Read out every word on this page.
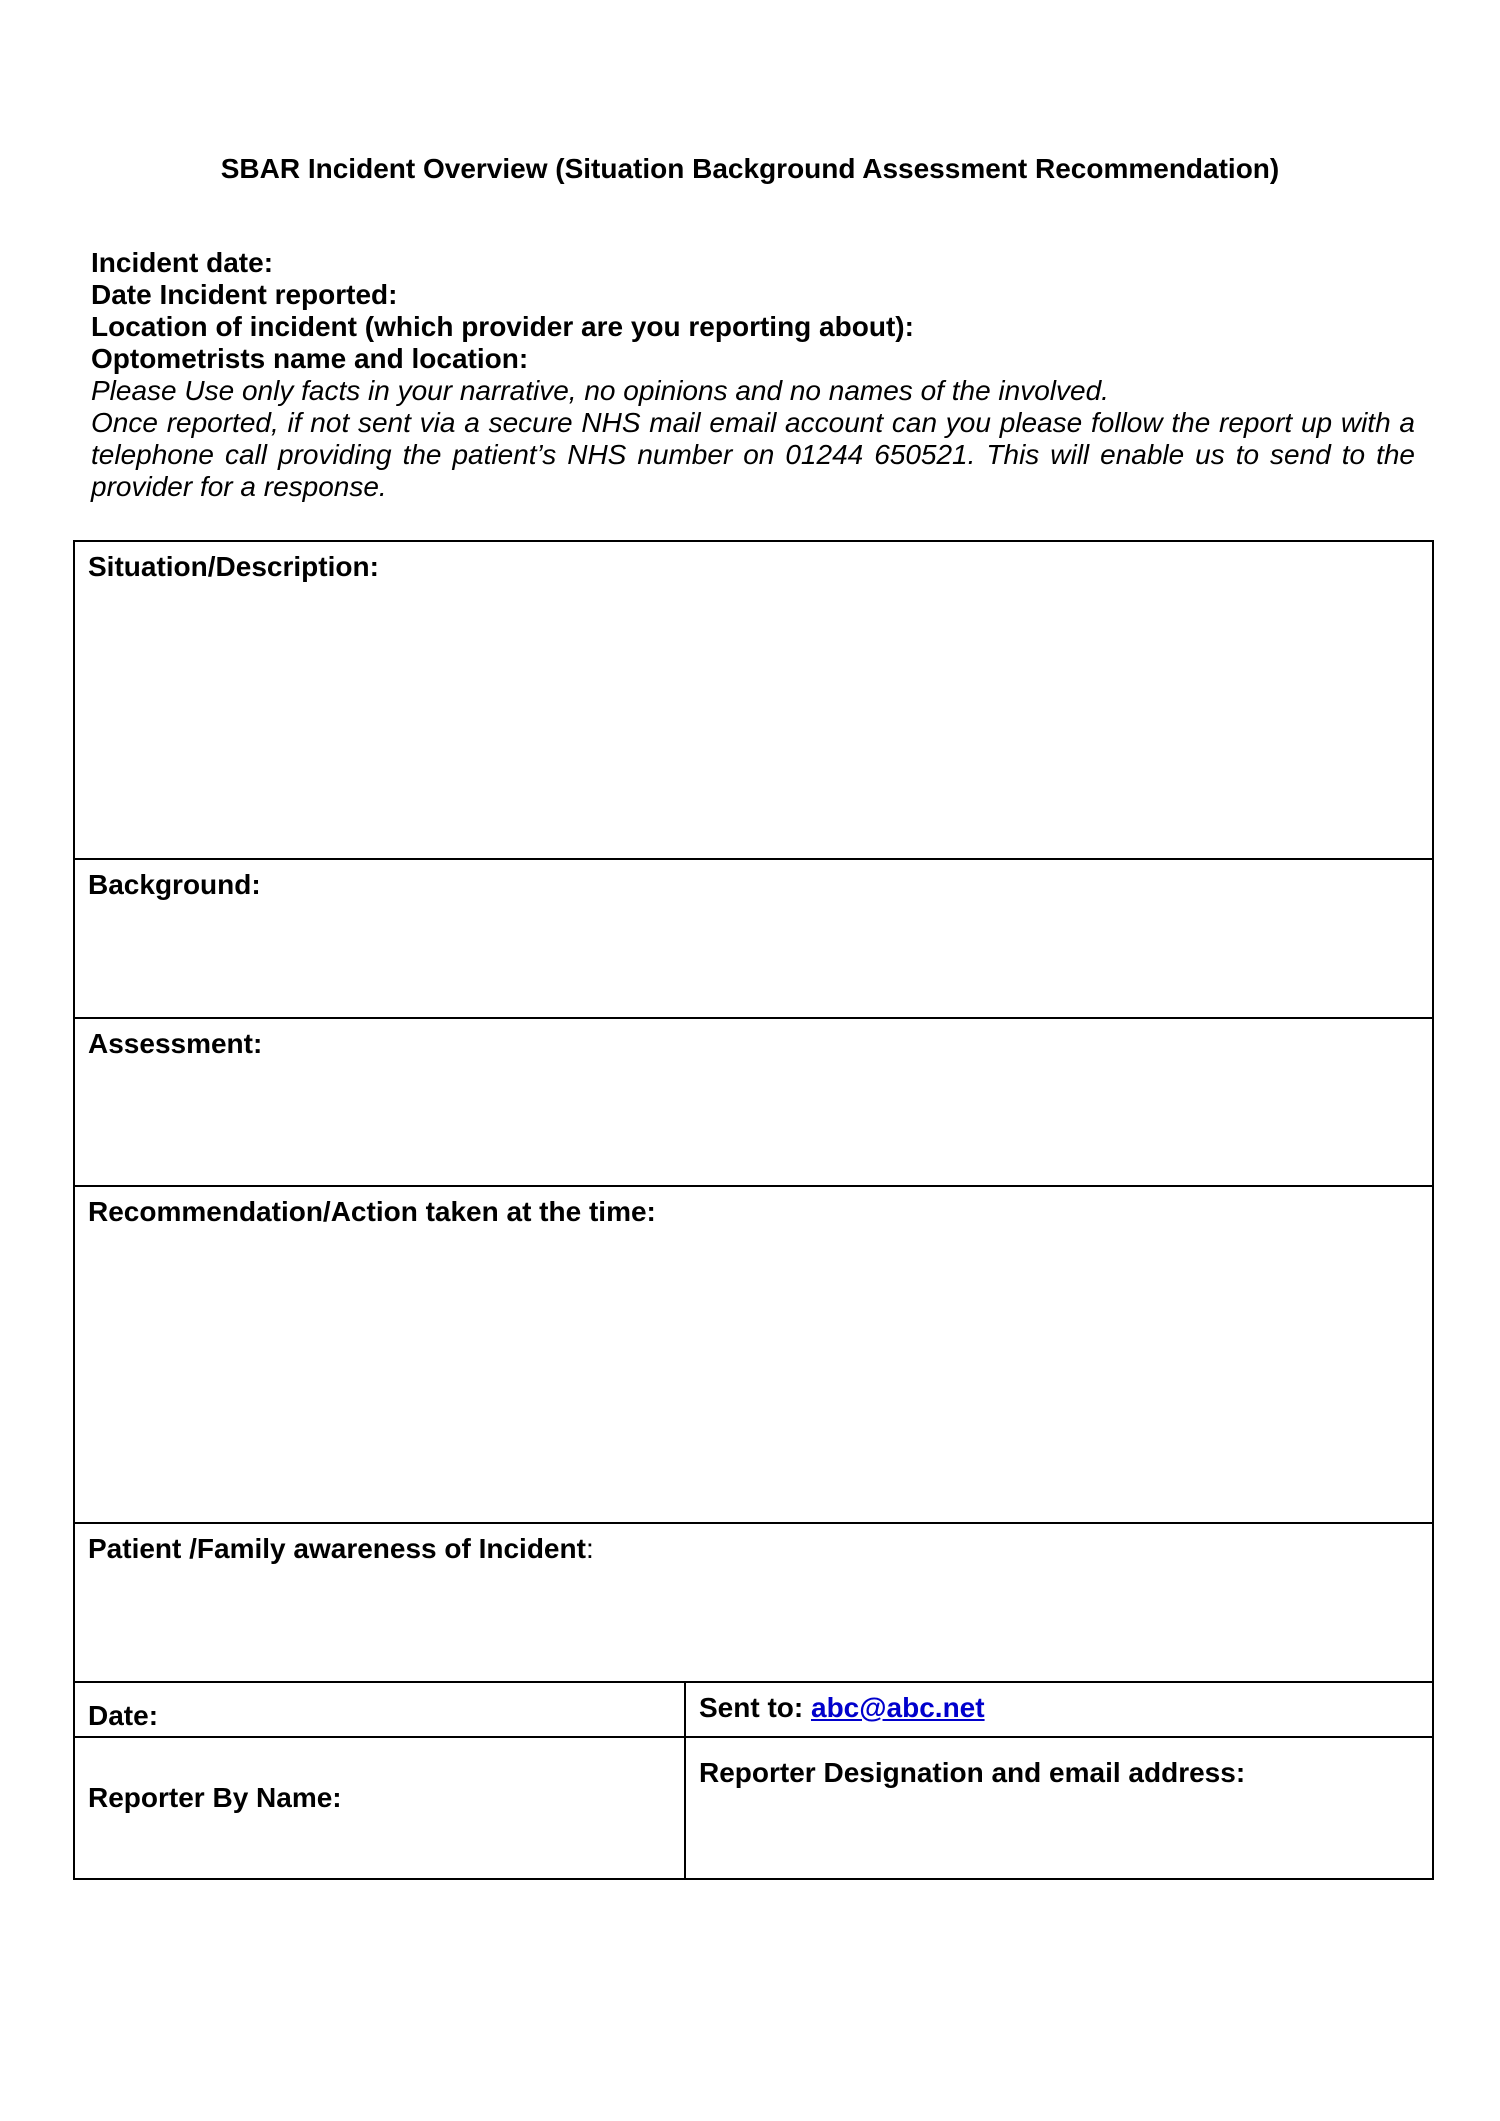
SBAR Incident Overview (Situation Background Assessment Recommendation)

Incident date:

Date Incident reported:

Location of incident (which provider are you reporting about):

Optometrists name and location:

Please Use only facts in your narrative, no opinions and no names of the involved.

Once reported, if not sent via a secure NHS mail email account can you please follow the report up with a telephone call providing the patient’s NHS number on 01244 650521. This will enable us to send to the provider for a response.

Situation/Description:

Background:

Assessment:

Recommendation/Action taken at the time:

Patient /Family awareness of Incident:

Date:	Sent to: abc@abc.net

Reporter By Name:

Reporter Designation and email address:
